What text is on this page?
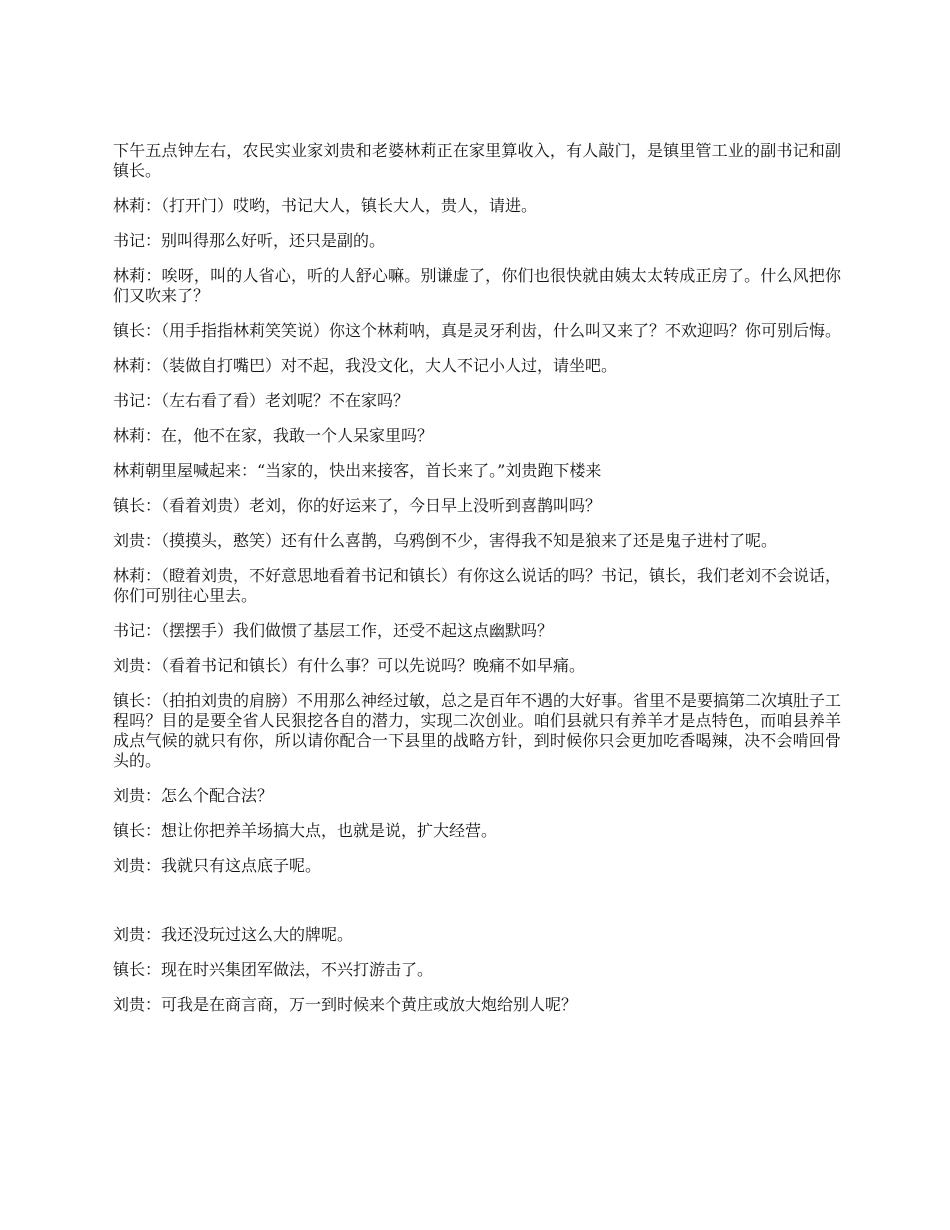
下午五点钟左右，农民实业家刘贵和老婆林莉正在家里算收入，有人敲门，是镇里管工业的副书记和副镇长。

林莉：（打开门）哎哟，书记大人，镇长大人，贵人，请进。

书记：别叫得那么好听，还只是副的。

林莉：唉呀，叫的人省心，听的人舒心嘛。别谦虚了，你们也很快就由姨太太转成正房了。什么风把你们又吹来了？

镇长：（用手指指林莉笑笑说）你这个林莉呐，真是灵牙利齿，什么叫又来了？不欢迎吗？你可别后悔。

林莉：（装做自打嘴巴）对不起，我没文化，大人不记小人过，请坐吧。

书记：（左右看了看）老刘呢？不在家吗？

林莉：在，他不在家，我敢一个人呆家里吗？

林莉朝里屋喊起来：“当家的，快出来接客，首长来了。”刘贵跑下楼来

镇长：（看着刘贵）老刘，你的好运来了，今日早上没听到喜鹊叫吗？

刘贵：（摸摸头，憨笑）还有什么喜鹊，乌鸦倒不少，害得我不知是狼来了还是鬼子进村了呢。

林莉：（瞪着刘贵，不好意思地看着书记和镇长）有你这么说话的吗？书记，镇长，我们老刘不会说话，你们可别往心里去。

书记：（摆摆手）我们做惯了基层工作，还受不起这点幽默吗？

刘贵：（看着书记和镇长）有什么事？可以先说吗？晚痛不如早痛。

镇长：（拍拍刘贵的肩膀）不用那么神经过敏，总之是百年不遇的大好事。省里不是要搞第二次填肚子工程吗？目的是要全省人民狠挖各自的潜力，实现二次创业。咱们县就只有养羊才是点特色，而咱县养羊成点气候的就只有你，所以请你配合一下县里的战略方针，到时候你只会更加吃香喝辣，决不会啃回骨头的。

刘贵：怎么个配合法？

镇长：想让你把养羊场搞大点，也就是说，扩大经营。

刘贵：我就只有这点底子呢。

刘贵：我还没玩过这么大的牌呢。

镇长：现在时兴集团军做法，不兴打游击了。

刘贵：可我是在商言商，万一到时候来个黄庄或放大炮给别人呢？
